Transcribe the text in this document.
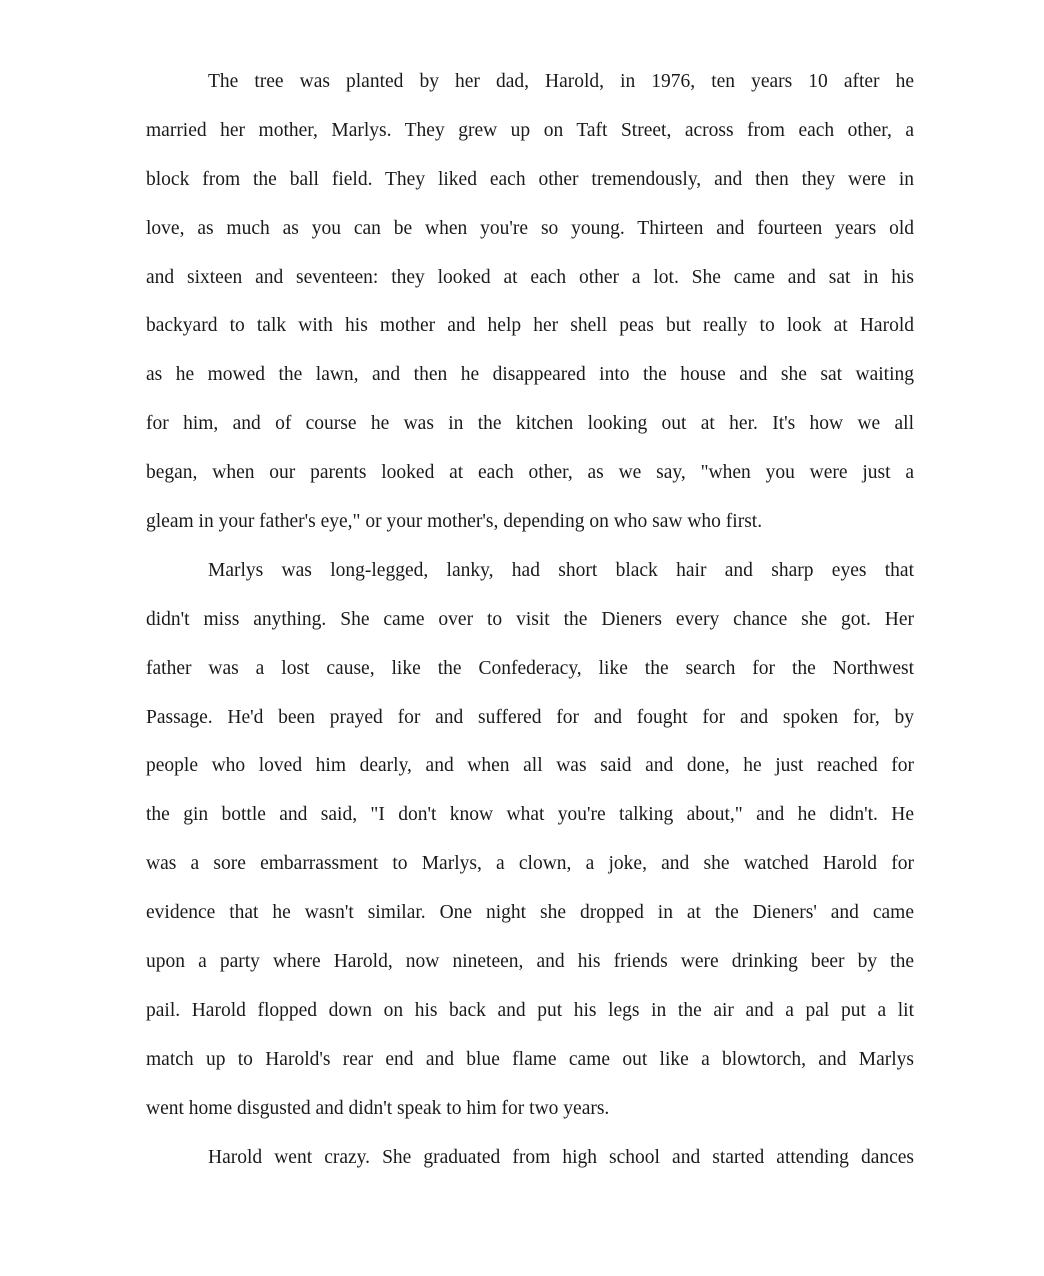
The tree was planted by her dad, Harold, in 1976, ten years 10 after he
married her mother, Marlys. They grew up on Taft Street, across from each other, a
block from the ball field. They liked each other tremendously, and then they were in
love, as much as you can be when you're so young. Thirteen and fourteen years old
and sixteen and seventeen: they looked at each other a lot. She came and sat in his
backyard to talk with his mother and help her shell peas but really to look at Harold
as he mowed the lawn, and then he disappeared into the house and she sat waiting
for him, and of course he was in the kitchen looking out at her. It's how we all
began, when our parents looked at each other, as we say, "when you were just a
gleam in your father's eye," or your mother's, depending on who saw who first.
Marlys was long-legged, lanky, had short black hair and sharp eyes that
didn't miss anything. She came over to visit the Dieners every chance she got. Her
father was a lost cause, like the Confederacy, like the search for the Northwest
Passage. He'd been prayed for and suffered for and fought for and spoken for, by
people who loved him dearly, and when all was said and done, he just reached for
the gin bottle and said, "I don't know what you're talking about," and he didn't. He
was a sore embarrassment to Marlys, a clown, a joke, and she watched Harold for
evidence that he wasn't similar. One night she dropped in at the Dieners' and came
upon a party where Harold, now nineteen, and his friends were drinking beer by the
pail. Harold flopped down on his back and put his legs in the air and a pal put a lit
match up to Harold's rear end and blue flame came out like a blowtorch, and Marlys
went home disgusted and didn't speak to him for two years.
Harold went crazy. She graduated from high school and started attending dances
